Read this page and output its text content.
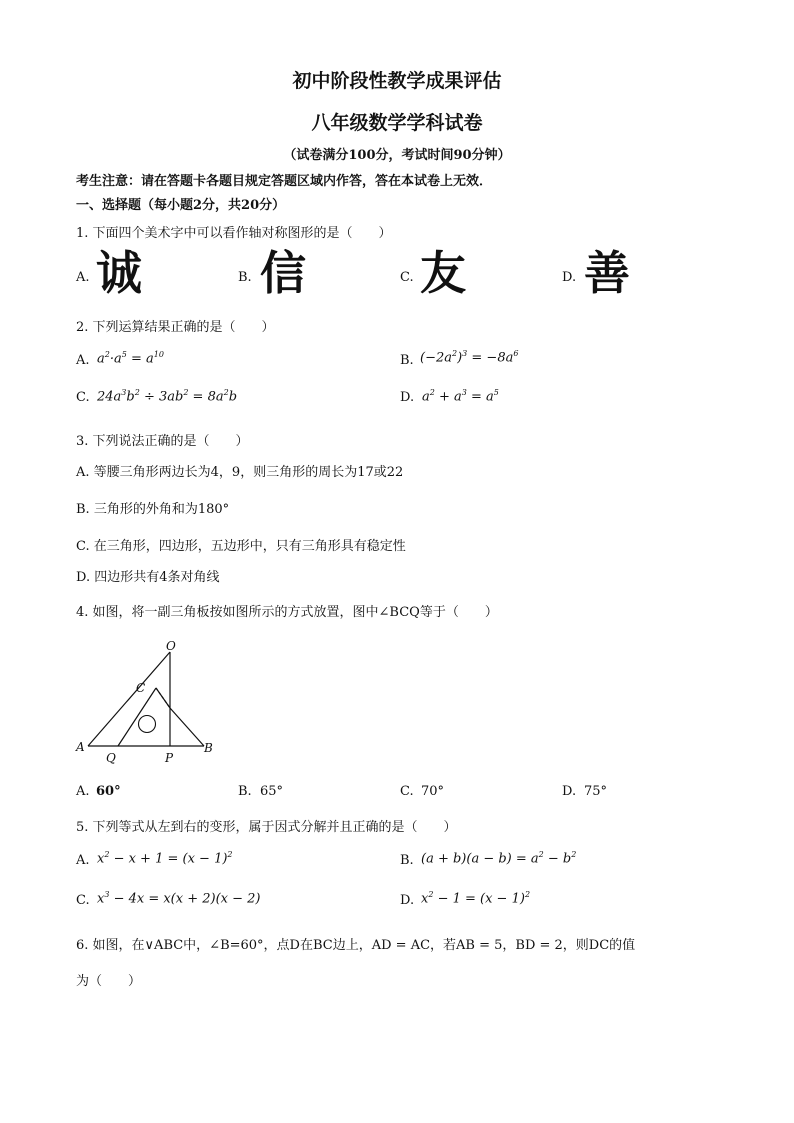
初中阶段性教学成果评估
八年级数学学科试卷
（试卷满分100分，考试时间90分钟）
考生注意：请在答题卡各题目规定答题区域内作答，答在本试卷上无效．
一、选择题（每小题2分，共20分）
1. 下面四个美术字中可以看作轴对称图形的是（　　）
A. 诚	B. 信	C. 友	D. 善
2. 下列运算结果正确的是（　　）
A. $a^2\cdot a^5 = a^{10}$	B. $(-2a^2)^3 = -8a^6$
C. $24a^3b^2 \div 3ab^2 = 8a^2b$	D. $a^2 + a^3 = a^5$
3. 下列说法正确的是（　　）
A. 等腰三角形两边长为4，9，则三角形的周长为17或22
B. 三角形的外角和为180°
C. 在三角形，四边形，五边形中，只有三角形具有稳定性
D. 四边形共有4条对角线
4. 如图，将一副三角板按如图所示的方式放置，图中∠BCQ等于（　　）
O
C
A
Q	P
B
A. 60°	B. 65°	C. 70°	D. 75°
5. 下列等式从左到右的变形，属于因式分解并且正确的是（　　）
A. $x^2 - x + 1 = (x - 1)^2$	B. $(a + b)(a - b) = a^2 - b^2$
C. $x^3 - 4x = x(x + 2)(x - 2)$	D. $x^2 - 1 = (x - 1)^2$
6. 如图，在∨ABC中，∠B=60°，点D在BC边上，AD = AC，若AB = 5，BD = 2，则DC的值
为（　　）
